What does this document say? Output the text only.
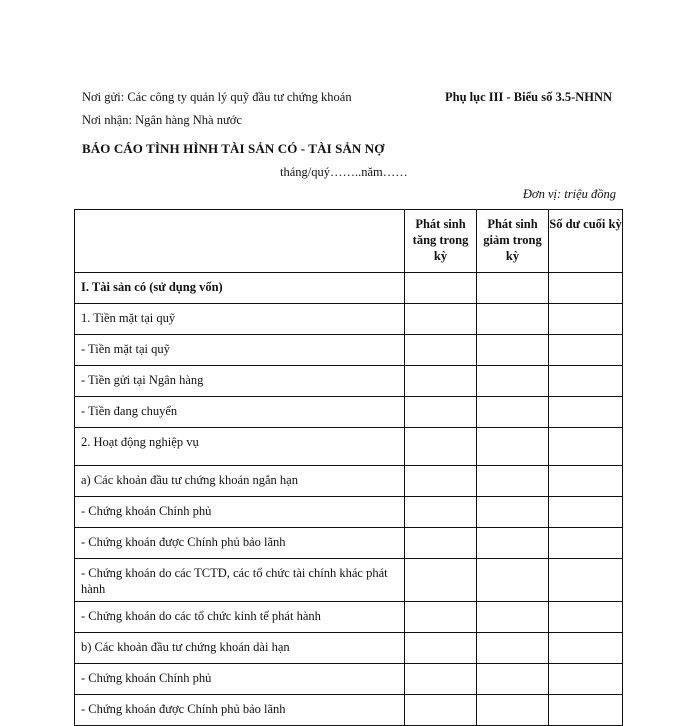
Nơi gửi: Các công ty quản lý quỹ đầu tư chứng khoán	Phụ lục III - Biểu số 3.5-NHNN
Nơi nhận: Ngân hàng Nhà nước
BÁO CÁO TÌNH HÌNH TÀI SẢN CÓ - TÀI SẢN NỢ
tháng/quý……..năm……
Đơn vị: triệu đồng
	Phát sinh tăng trong kỳ	Phát sinh giảm trong kỳ	Số dư cuối kỳ
I. Tài sản có (sử dụng vốn)			
1. Tiền mặt tại quỹ			
- Tiền mặt tại quỹ			
- Tiền gửi tại Ngân hàng			
- Tiền đang chuyển			
2. Hoạt động nghiệp vụ			
a) Các khoản đầu tư chứng khoán ngắn hạn			
- Chứng khoán Chính phủ			
- Chứng khoán được Chính phủ bảo lãnh			
- Chứng khoán do các TCTD, các tổ chức tài chính khác phát hành			
- Chứng khoán do các tổ chức kinh tế phát hành			
b) Các khoản đầu tư chứng khoán dài hạn			
- Chứng khoán Chính phủ			
- Chứng khoán được Chính phủ bảo lãnh			
